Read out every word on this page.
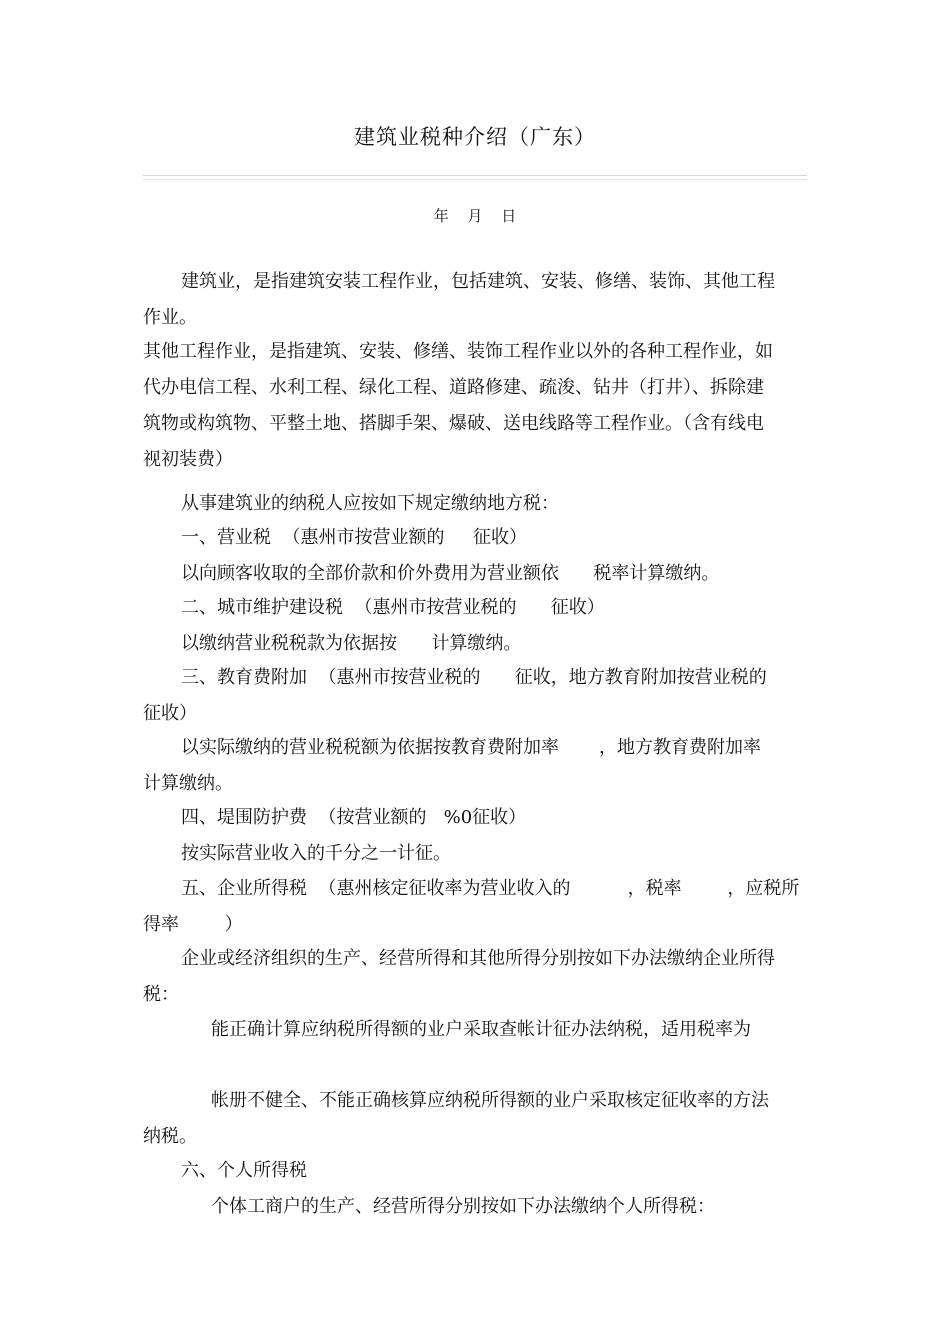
建筑业税种介绍（广东）
年 月 日

建筑业，是指建筑安装工程作业，包括建筑、安装、修缮、装饰、其他工程
作业。

其他工程作业，是指建筑、安装、修缮、装饰工程作业以外的各种工程作业，如
代办电信工程、水利工程、绿化工程、道路修建、疏浚、钻井（打井）、拆除建
筑物或构筑物、平整土地、搭脚手架、爆破、送电线路等工程作业。（含有线电
视初装费）

从事建筑业的纳税人应按如下规定缴纳地方税：

一、营业税  （惠州市按营业额的     征收）

以向顾客收取的全部价款和价外费用为营业额依      税率计算缴纳。

二、城市维护建设税  （惠州市按营业税的      征收）

以缴纳营业税税款为依据按      计算缴纳。

三、教育费附加  （惠州市按营业税的      征收，地方教育附加按营业税的
征收）

以实际缴纳的营业税税额为依据按教育费附加率       ，地方教育费附加率
计算缴纳。

四、堤围防护费  （按营业额的   %0征收）

按实际营业收入的千分之一计征。

五、企业所得税  （惠州核定征收率为营业收入的          ，税率        ，应税所
得率        ）

企业或经济组织的生产、经营所得和其他所得分别按如下办法缴纳企业所得
税：

能正确计算应纳税所得额的业户采取查帐计征办法纳税，适用税率为

帐册不健全、不能正确核算应纳税所得额的业户采取核定征收率的方法
纳税。

六、个人所得税

个体工商户的生产、经营所得分别按如下办法缴纳个人所得税：
